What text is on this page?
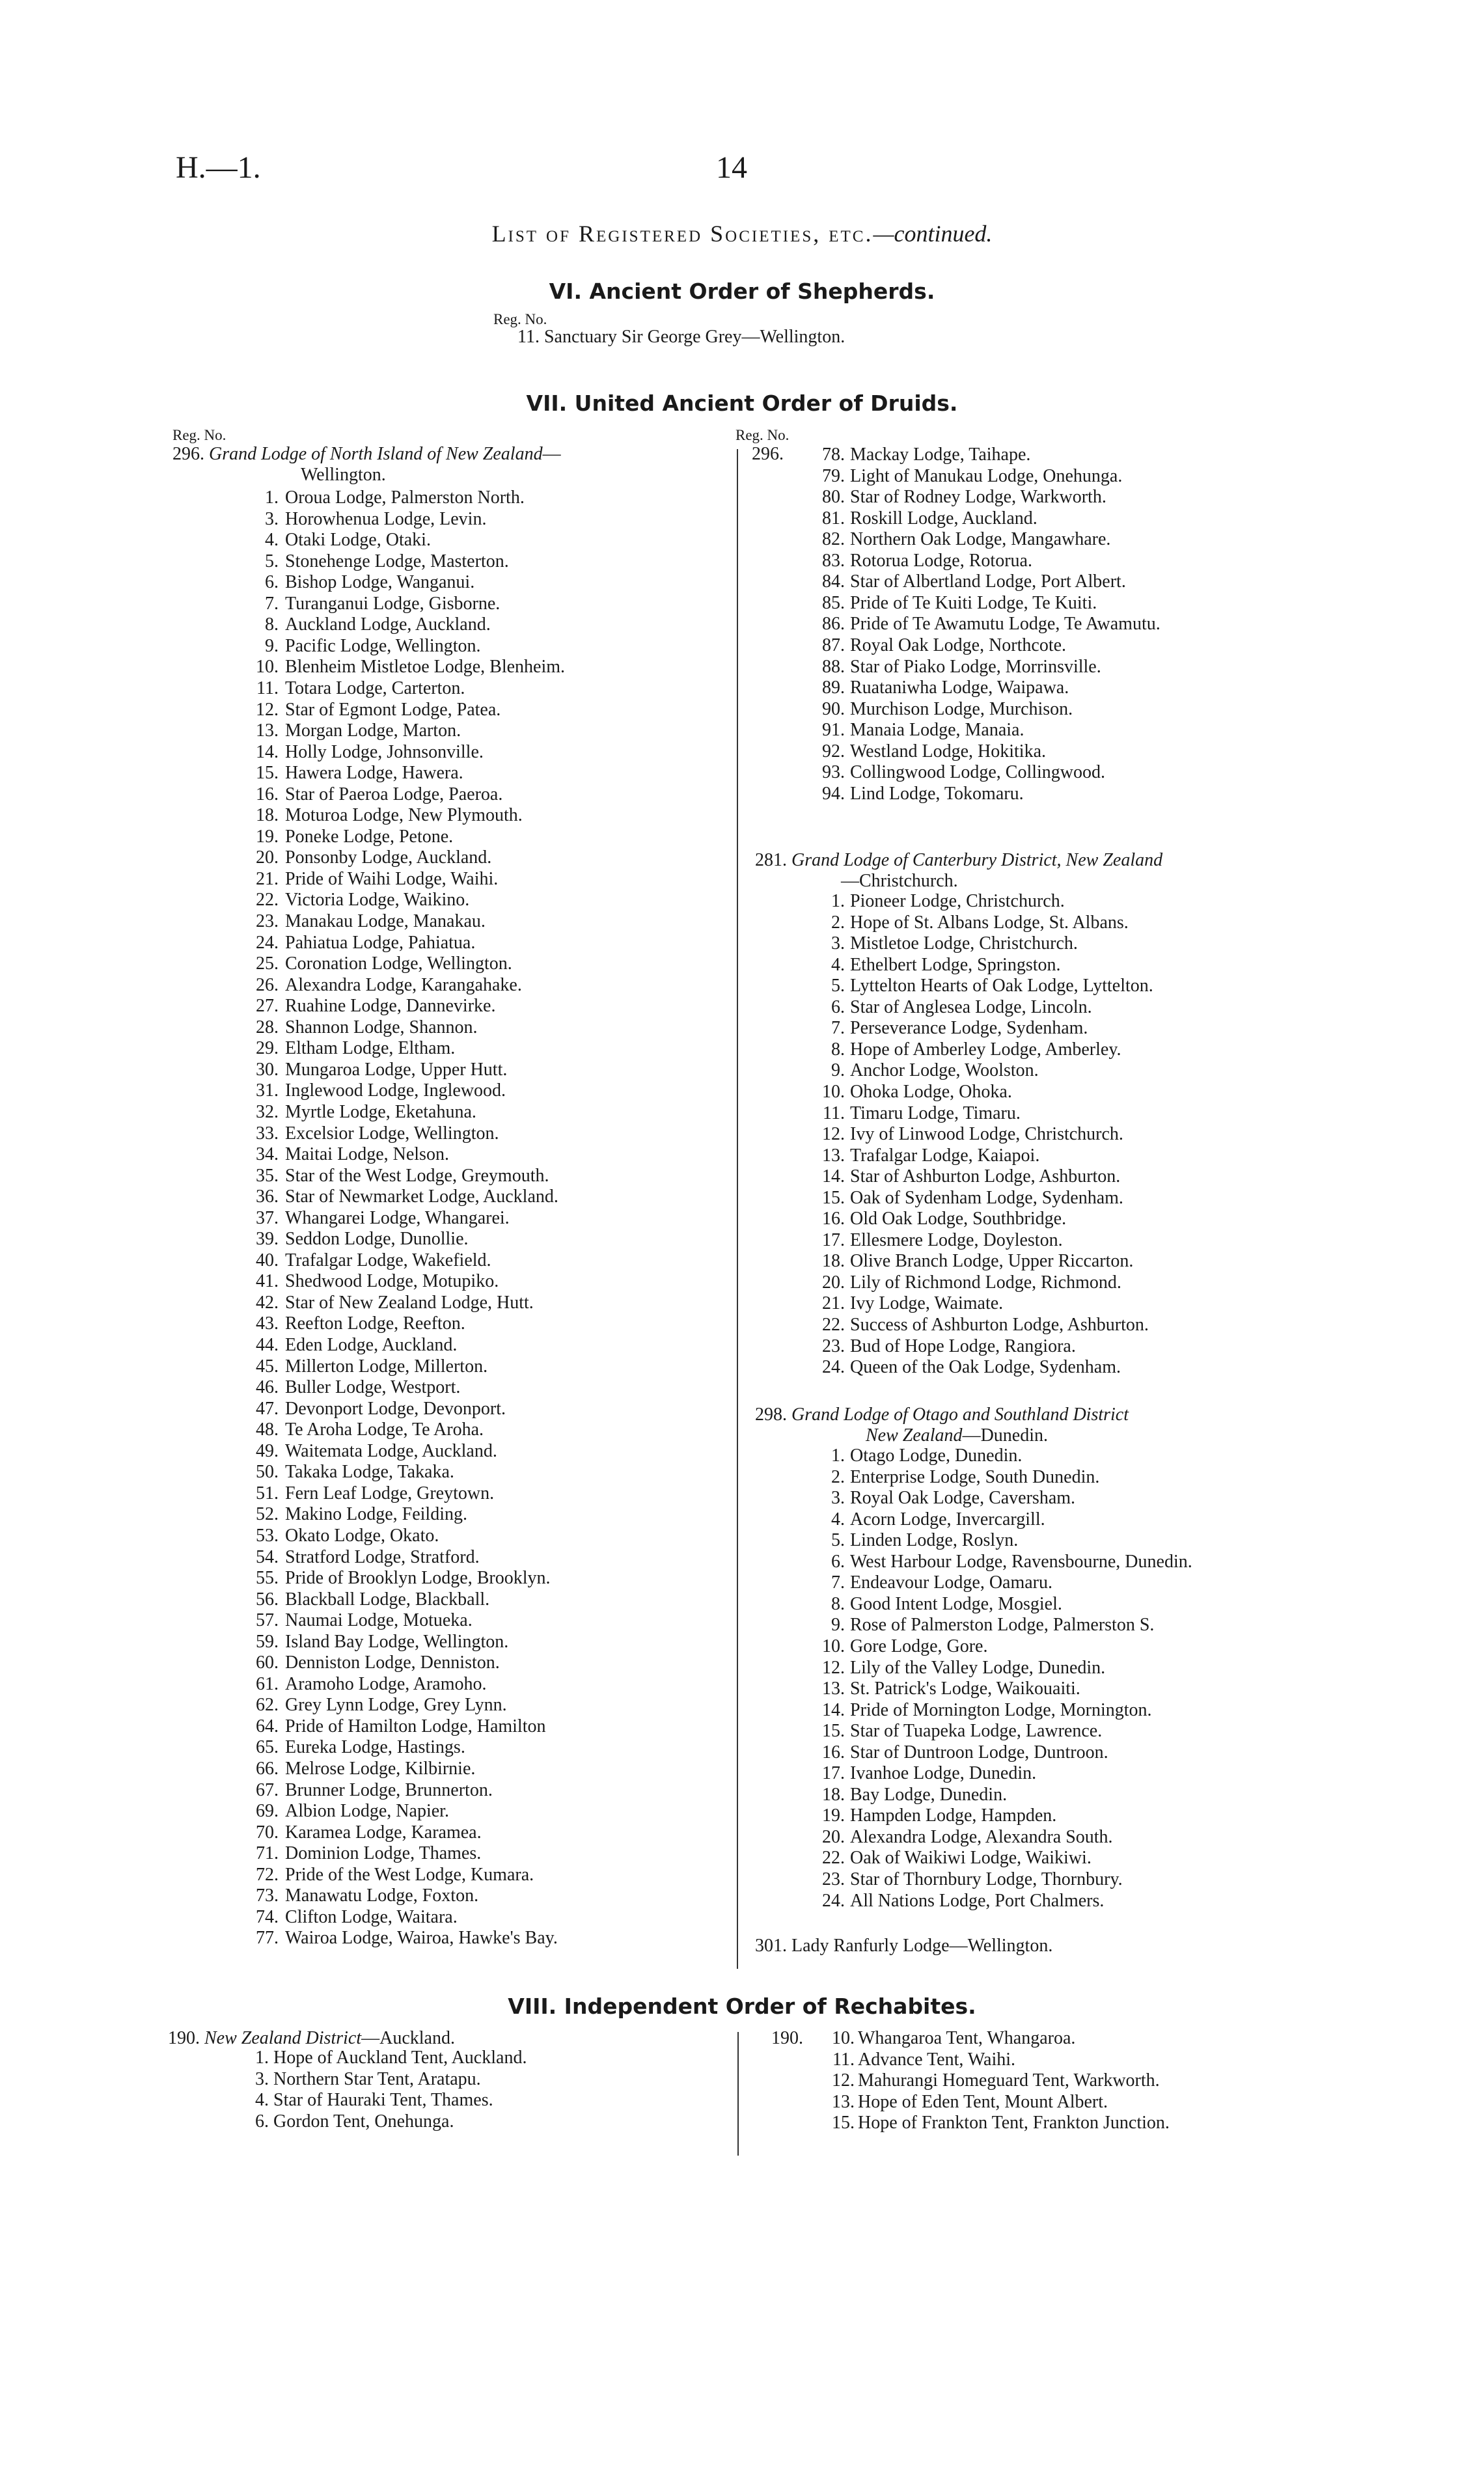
H.—1.	14
List of Registered Societies, etc.—continued.
VI. Ancient Order of Shepherds.
Reg. No.
11. Sanctuary Sir George Grey—Wellington.
VII. United Ancient Order of Druids.
Reg. No.	Reg. No.
296. Grand Lodge of North Island of New Zealand—
Wellington.
1. Oroua Lodge, Palmerston North.
3. Horowhenua Lodge, Levin.
4. Otaki Lodge, Otaki.
5. Stonehenge Lodge, Masterton.
6. Bishop Lodge, Wanganui.
7. Turanganui Lodge, Gisborne.
8. Auckland Lodge, Auckland.
9. Pacific Lodge, Wellington.
10. Blenheim Mistletoe Lodge, Blenheim.
11. Totara Lodge, Carterton.
12. Star of Egmont Lodge, Patea.
13. Morgan Lodge, Marton.
14. Holly Lodge, Johnsonville.
15. Hawera Lodge, Hawera.
16. Star of Paeroa Lodge, Paeroa.
18. Moturoa Lodge, New Plymouth.
19. Poneke Lodge, Petone.
20. Ponsonby Lodge, Auckland.
21. Pride of Waihi Lodge, Waihi.
22. Victoria Lodge, Waikino.
23. Manakau Lodge, Manakau.
24. Pahiatua Lodge, Pahiatua.
25. Coronation Lodge, Wellington.
26. Alexandra Lodge, Karangahake.
27. Ruahine Lodge, Dannevirke.
28. Shannon Lodge, Shannon.
29. Eltham Lodge, Eltham.
30. Mungaroa Lodge, Upper Hutt.
31. Inglewood Lodge, Inglewood.
32. Myrtle Lodge, Eketahuna.
33. Excelsior Lodge, Wellington.
34. Maitai Lodge, Nelson.
35. Star of the West Lodge, Greymouth.
36. Star of Newmarket Lodge, Auckland.
37. Whangarei Lodge, Whangarei.
39. Seddon Lodge, Dunollie.
40. Trafalgar Lodge, Wakefield.
41. Shedwood Lodge, Motupiko.
42. Star of New Zealand Lodge, Hutt.
43. Reefton Lodge, Reefton.
44. Eden Lodge, Auckland.
45. Millerton Lodge, Millerton.
46. Buller Lodge, Westport.
47. Devonport Lodge, Devonport.
48. Te Aroha Lodge, Te Aroha.
49. Waitemata Lodge, Auckland.
50. Takaka Lodge, Takaka.
51. Fern Leaf Lodge, Greytown.
52. Makino Lodge, Feilding.
53. Okato Lodge, Okato.
54. Stratford Lodge, Stratford.
55. Pride of Brooklyn Lodge, Brooklyn.
56. Blackball Lodge, Blackball.
57. Naumai Lodge, Motueka.
59. Island Bay Lodge, Wellington.
60. Denniston Lodge, Denniston.
61. Aramoho Lodge, Aramoho.
62. Grey Lynn Lodge, Grey Lynn.
64. Pride of Hamilton Lodge, Hamilton
65. Eureka Lodge, Hastings.
66. Melrose Lodge, Kilbirnie.
67. Brunner Lodge, Brunnerton.
69. Albion Lodge, Napier.
70. Karamea Lodge, Karamea.
71. Dominion Lodge, Thames.
72. Pride of the West Lodge, Kumara.
73. Manawatu Lodge, Foxton.
74. Clifton Lodge, Waitara.
77. Wairoa Lodge, Wairoa, Hawke's Bay.
296.	78. Mackay Lodge, Taihape.
79. Light of Manukau Lodge, Onehunga.
80. Star of Rodney Lodge, Warkworth.
81. Roskill Lodge, Auckland.
82. Northern Oak Lodge, Mangawhare.
83. Rotorua Lodge, Rotorua.
84. Star of Albertland Lodge, Port Albert.
85. Pride of Te Kuiti Lodge, Te Kuiti.
86. Pride of Te Awamutu Lodge, Te Awamutu.
87. Royal Oak Lodge, Northcote.
88. Star of Piako Lodge, Morrinsville.
89. Ruataniwha Lodge, Waipawa.
90. Murchison Lodge, Murchison.
91. Manaia Lodge, Manaia.
92. Westland Lodge, Hokitika.
93. Collingwood Lodge, Collingwood.
94. Lind Lodge, Tokomaru.
281. Grand Lodge of Canterbury District, New Zealand
—Christchurch.
1. Pioneer Lodge, Christchurch.
2. Hope of St. Albans Lodge, St. Albans.
3. Mistletoe Lodge, Christchurch.
4. Ethelbert Lodge, Springston.
5. Lyttelton Hearts of Oak Lodge, Lyttelton.
6. Star of Anglesea Lodge, Lincoln.
7. Perseverance Lodge, Sydenham.
8. Hope of Amberley Lodge, Amberley.
9. Anchor Lodge, Woolston.
10. Ohoka Lodge, Ohoka.
11. Timaru Lodge, Timaru.
12. Ivy of Linwood Lodge, Christchurch.
13. Trafalgar Lodge, Kaiapoi.
14. Star of Ashburton Lodge, Ashburton.
15. Oak of Sydenham Lodge, Sydenham.
16. Old Oak Lodge, Southbridge.
17. Ellesmere Lodge, Doyleston.
18. Olive Branch Lodge, Upper Riccarton.
20. Lily of Richmond Lodge, Richmond.
21. Ivy Lodge, Waimate.
22. Success of Ashburton Lodge, Ashburton.
23. Bud of Hope Lodge, Rangiora.
24. Queen of the Oak Lodge, Sydenham.
298. Grand Lodge of Otago and Southland District
New Zealand—Dunedin.
1. Otago Lodge, Dunedin.
2. Enterprise Lodge, South Dunedin.
3. Royal Oak Lodge, Caversham.
4. Acorn Lodge, Invercargill.
5. Linden Lodge, Roslyn.
6. West Harbour Lodge, Ravensbourne, Dunedin.
7. Endeavour Lodge, Oamaru.
8. Good Intent Lodge, Mosgiel.
9. Rose of Palmerston Lodge, Palmerston S.
10. Gore Lodge, Gore.
12. Lily of the Valley Lodge, Dunedin.
13. St. Patrick's Lodge, Waikouaiti.
14. Pride of Mornington Lodge, Mornington.
15. Star of Tuapeka Lodge, Lawrence.
16. Star of Duntroon Lodge, Duntroon.
17. Ivanhoe Lodge, Dunedin.
18. Bay Lodge, Dunedin.
19. Hampden Lodge, Hampden.
20. Alexandra Lodge, Alexandra South.
22. Oak of Waikiwi Lodge, Waikiwi.
23. Star of Thornbury Lodge, Thornbury.
24. All Nations Lodge, Port Chalmers.
301. Lady Ranfurly Lodge—Wellington.
VIII. Independent Order of Rechabites.
190. New Zealand District—Auckland.
1. Hope of Auckland Tent, Auckland.
3. Northern Star Tent, Aratapu.
4. Star of Hauraki Tent, Thames.
6. Gordon Tent, Onehunga.
190.	10. Whangaroa Tent, Whangaroa.
11. Advance Tent, Waihi.
12. Mahurangi Homeguard Tent, Warkworth.
13. Hope of Eden Tent, Mount Albert.
15. Hope of Frankton Tent, Frankton Junction.
